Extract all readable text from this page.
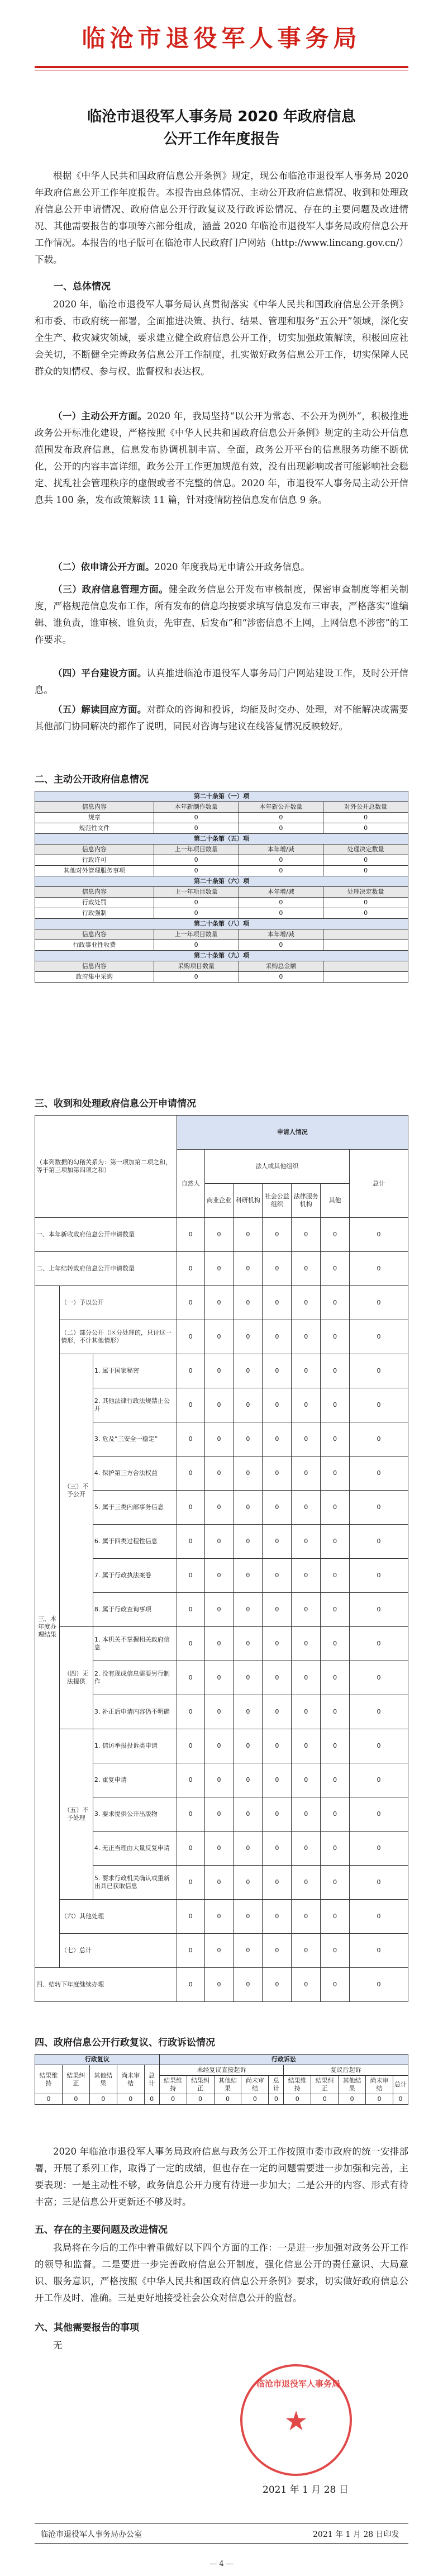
临沧市退役军人事务局
临沧市退役军人事务局 2020 年政府信息
公开工作年度报告
根据《中华人民共和国政府信息公开条例》规定，现公布临沧市退役军人事务局 2020 年政府信息公开工作年度报告。本报告由总体情况、主动公开政府信息情况、收到和处理政府信息公开申请情况、政府信息公开行政复议及行政诉讼情况、存在的主要问题及改进情况、其他需要报告的事项等六部分组成，涵盖 2020 年临沧市退役军人事务局政府信息公开工作情况。本报告的电子版可在临沧市人民政府门户网站（http://www.lincang.gov.cn/）下载。
一、总体情况
2020 年，临沧市退役军人事务局认真贯彻落实《中华人民共和国政府信息公开条例》和市委、市政府统一部署，全面推进决策、执行、结果、管理和服务“五公开”领域，深化安全生产、救灾减灾领域，要求建立健全政府信息公开工作，切实加强政策解读，积极回应社会关切，不断健全完善政务信息公开工作制度，扎实做好政务信息公开工作，切实保障人民群众的知情权、参与权、监督权和表达权。
（一）主动公开方面。2020 年，我局坚持“以公开为常态、不公开为例外”，积极推进政务公开标准化建设，严格按照《中华人民共和国政府信息公开条例》规定的主动公开信息范围发布政府信息，信息发布协调机制丰富、全面，政务公开平台的信息服务功能不断优化，公开的内容丰富详细，政务公开工作更加规范有效，没有出现影响或者可能影响社会稳定、扰乱社会管理秩序的虚假或者不完整的信息。2020 年，市退役军人事务局主动公开信息共 100 条，发布政策解读 11 篇，针对疫情防控信息发布信息 9 条。
（二）依申请公开方面。2020 年度我局无申请公开政务信息。
（三）政府信息管理方面。健全政务信息公开发布审核制度，保密审查制度等相关制度，严格规范信息发布工作，所有发布的信息均按要求填写信息发布三审表，严格落实“谁编辑、谁负责，谁审核、谁负责，先审查、后发布”和“涉密信息不上网，上网信息不涉密”的工作要求。
（四）平台建设方面。认真推进临沧市退役军人事务局门户网站建设工作，及时公开信息。
（五）解读回应方面。对群众的咨询和投诉，均能及时交办、处理，对不能解决或需要其他部门协同解决的都作了说明，同民对咨询与建议在线答复情况反映较好。
二、主动公开政府信息情况
第二十条第（一）项			
信息内容	本年新制作数量	本年新公开数量	对外公开总数量
规章	0	0	0
规范性文件	0	0	0
第二十条第（五）项			
信息内容	上一年项目数量	本年增/减	处理决定数量
行政许可	0	0	0
其他对外管理服务事项	0	0	0
第二十条第（六）项			
信息内容	上一年项目数量	本年增/减	处理决定数量
行政处罚	0	0	0
行政强制	0	0	0
第二十条第（八）项			
信息内容	上一年项目数量	本年增/减	
行政事业性收费	0	0	
第二十条第（九）项			
信息内容	采购项目数量	采购总金额	
政府集中采购	0	0	
三、收到和处理政府信息公开申请情况
（本列数据的勾稽关系为：第一项加第二项之和，等于第三项加第四项之和）			申请人情况						
			自然人	法人或其他组织					总计
				商业企业	科研机构	社会公益组织	法律服务机构	其他	
一、本年新收政府信息公开申请数量			0	0	0	0	0	0	0
二、上年结转政府信息公开申请数量			0	0	0	0	0	0	0
三、本年度办理结果	（一）予以公开		0	0	0	0	0	0	0
	（二）部分公开（区分处理的，只计这一情形，不计其他情形）		0	0	0	0	0	0	0
	（三）不予公开	1. 属于国家秘密	0	0	0	0	0	0	0
		2. 其他法律行政法规禁止公开	0	0	0	0	0	0	0
		3. 危及“三安全一稳定”	0	0	0	0	0	0	0
		4. 保护第三方合法权益	0	0	0	0	0	0	0
		5. 属于三类内部事务信息	0	0	0	0	0	0	0
		6. 属于四类过程性信息	0	0	0	0	0	0	0
		7. 属于行政执法案卷	0	0	0	0	0	0	0
		8. 属于行政查询事项	0	0	0	0	0	0	0
	（四）无法提供	1. 本机关不掌握相关政府信息	0	0	0	0	0	0	0
		2. 没有现成信息需要另行制作	0	0	0	0	0	0	0
		3. 补正后申请内容仍不明确	0	0	0	0	0	0	0
	（五）不予处理	1. 信访举报投诉类申请	0	0	0	0	0	0	0
		2. 重复申请	0	0	0	0	0	0	0
		3. 要求提供公开出版物	0	0	0	0	0	0	0
		4. 无正当理由大量反复申请	0	0	0	0	0	0	0
		5. 要求行政机关确认或重新出具已获取信息	0	0	0	0	0	0	0
	（六）其他处理		0	0	0	0	0	0	0
	（七）总计		0	0	0	0	0	0	0
四、结转下年度继续办理			0	0	0	0	0	0	0
四、政府信息公开行政复议、行政诉讼情况
行政复议					行政诉讼									
结果维持	结果纠正	其他结果	尚未审结	总计	未经复议直接起诉					复议后起诉				
					结果维持	结果纠正	其他结果	尚未审结	总计	结果维持	结果纠正	其他结果	尚未审结	总计
0	0	0	0	0	0	0	0	0	0	0	0	0	0	0
2020 年临沧市退役军人事务局政府信息与政务公开工作按照市委市政府的统一安排部署，开展了系列工作，取得了一定的成绩，但也存在一定的问题需要进一步加强和完善，主要表现：一是主动性不够，政务信息公开力度有待进一步加大；二是公开的内容、形式有待丰富；三是信息公开更新还不够及时。
五、存在的主要问题及改进情况
我局将在今后的工作中着重做好以下四个方面的工作：一是进一步加强对政务公开工作的领导和监督。二是要进一步完善政府信息公开制度，强化信息公开的责任意识、大局意识、服务意识，严格按照《中华人民共和国政府信息公开条例》要求，切实做好政府信息公开工作及时、准确。三是更好地接受社会公众对信息公开的监督。
六、其他需要报告的事项
无
临沧市退役军人事务局
★
2021 年 1 月 28 日
临沧市退役军人事务局办公室	2021 年 1 月 28 日印发
— 4 —
